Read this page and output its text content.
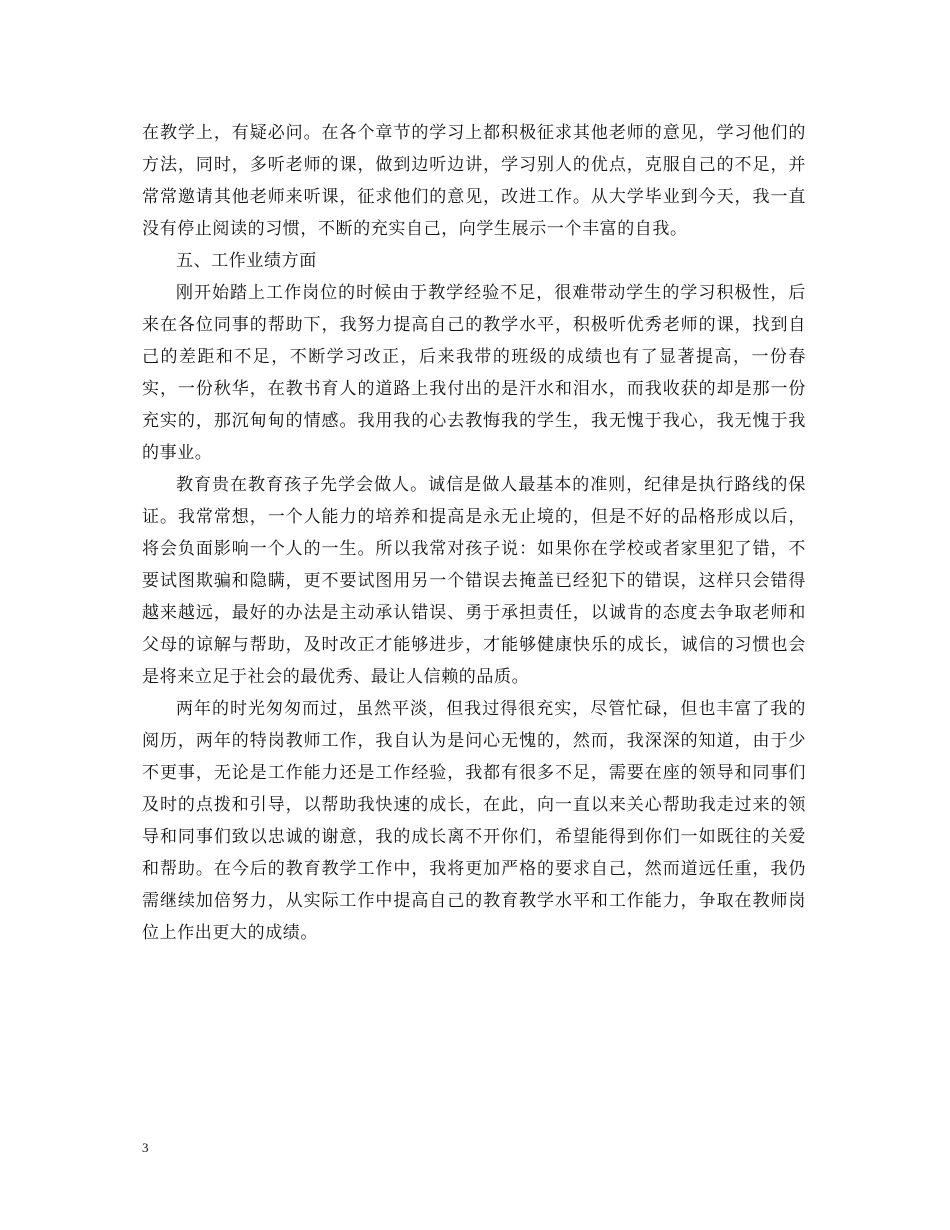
在教学上，有疑必问。在各个章节的学习上都积极征求其他老师的意见，学习他们的方法，同时，多听老师的课，做到边听边讲，学习别人的优点，克服自己的不足，并常常邀请其他老师来听课，征求他们的意见，改进工作。从大学毕业到今天，我一直没有停止阅读的习惯，不断的充实自己，向学生展示一个丰富的自我。

五、工作业绩方面

刚开始踏上工作岗位的时候由于教学经验不足，很难带动学生的学习积极性，后来在各位同事的帮助下，我努力提高自己的教学水平，积极听优秀老师的课，找到自己的差距和不足，不断学习改正，后来我带的班级的成绩也有了显著提高，一份春实，一份秋华，在教书育人的道路上我付出的是汗水和泪水，而我收获的却是那一份充实的，那沉甸甸的情感。我用我的心去教悔我的学生，我无愧于我心，我无愧于我的事业。

教育贵在教育孩子先学会做人。诚信是做人最基本的准则，纪律是执行路线的保证。我常常想，一个人能力的培养和提高是永无止境的，但是不好的品格形成以后，将会负面影响一个人的一生。所以我常对孩子说：如果你在学校或者家里犯了错，不要试图欺骗和隐瞒，更不要试图用另一个错误去掩盖已经犯下的错误，这样只会错得越来越远，最好的办法是主动承认错误、勇于承担责任，以诚肯的态度去争取老师和父母的谅解与帮助，及时改正才能够进步，才能够健康快乐的成长，诚信的习惯也会是将来立足于社会的最优秀、最让人信赖的品质。

两年的时光匆匆而过，虽然平淡，但我过得很充实，尽管忙碌，但也丰富了我的阅历，两年的特岗教师工作，我自认为是问心无愧的，然而，我深深的知道，由于少不更事，无论是工作能力还是工作经验，我都有很多不足，需要在座的领导和同事们及时的点拨和引导，以帮助我快速的成长，在此，向一直以来关心帮助我走过来的领导和同事们致以忠诚的谢意，我的成长离不开你们，希望能得到你们一如既往的关爱和帮助。在今后的教育教学工作中，我将更加严格的要求自己，然而道远任重，我仍需继续加倍努力，从实际工作中提高自己的教育教学水平和工作能力，争取在教师岗位上作出更大的成绩。

3
